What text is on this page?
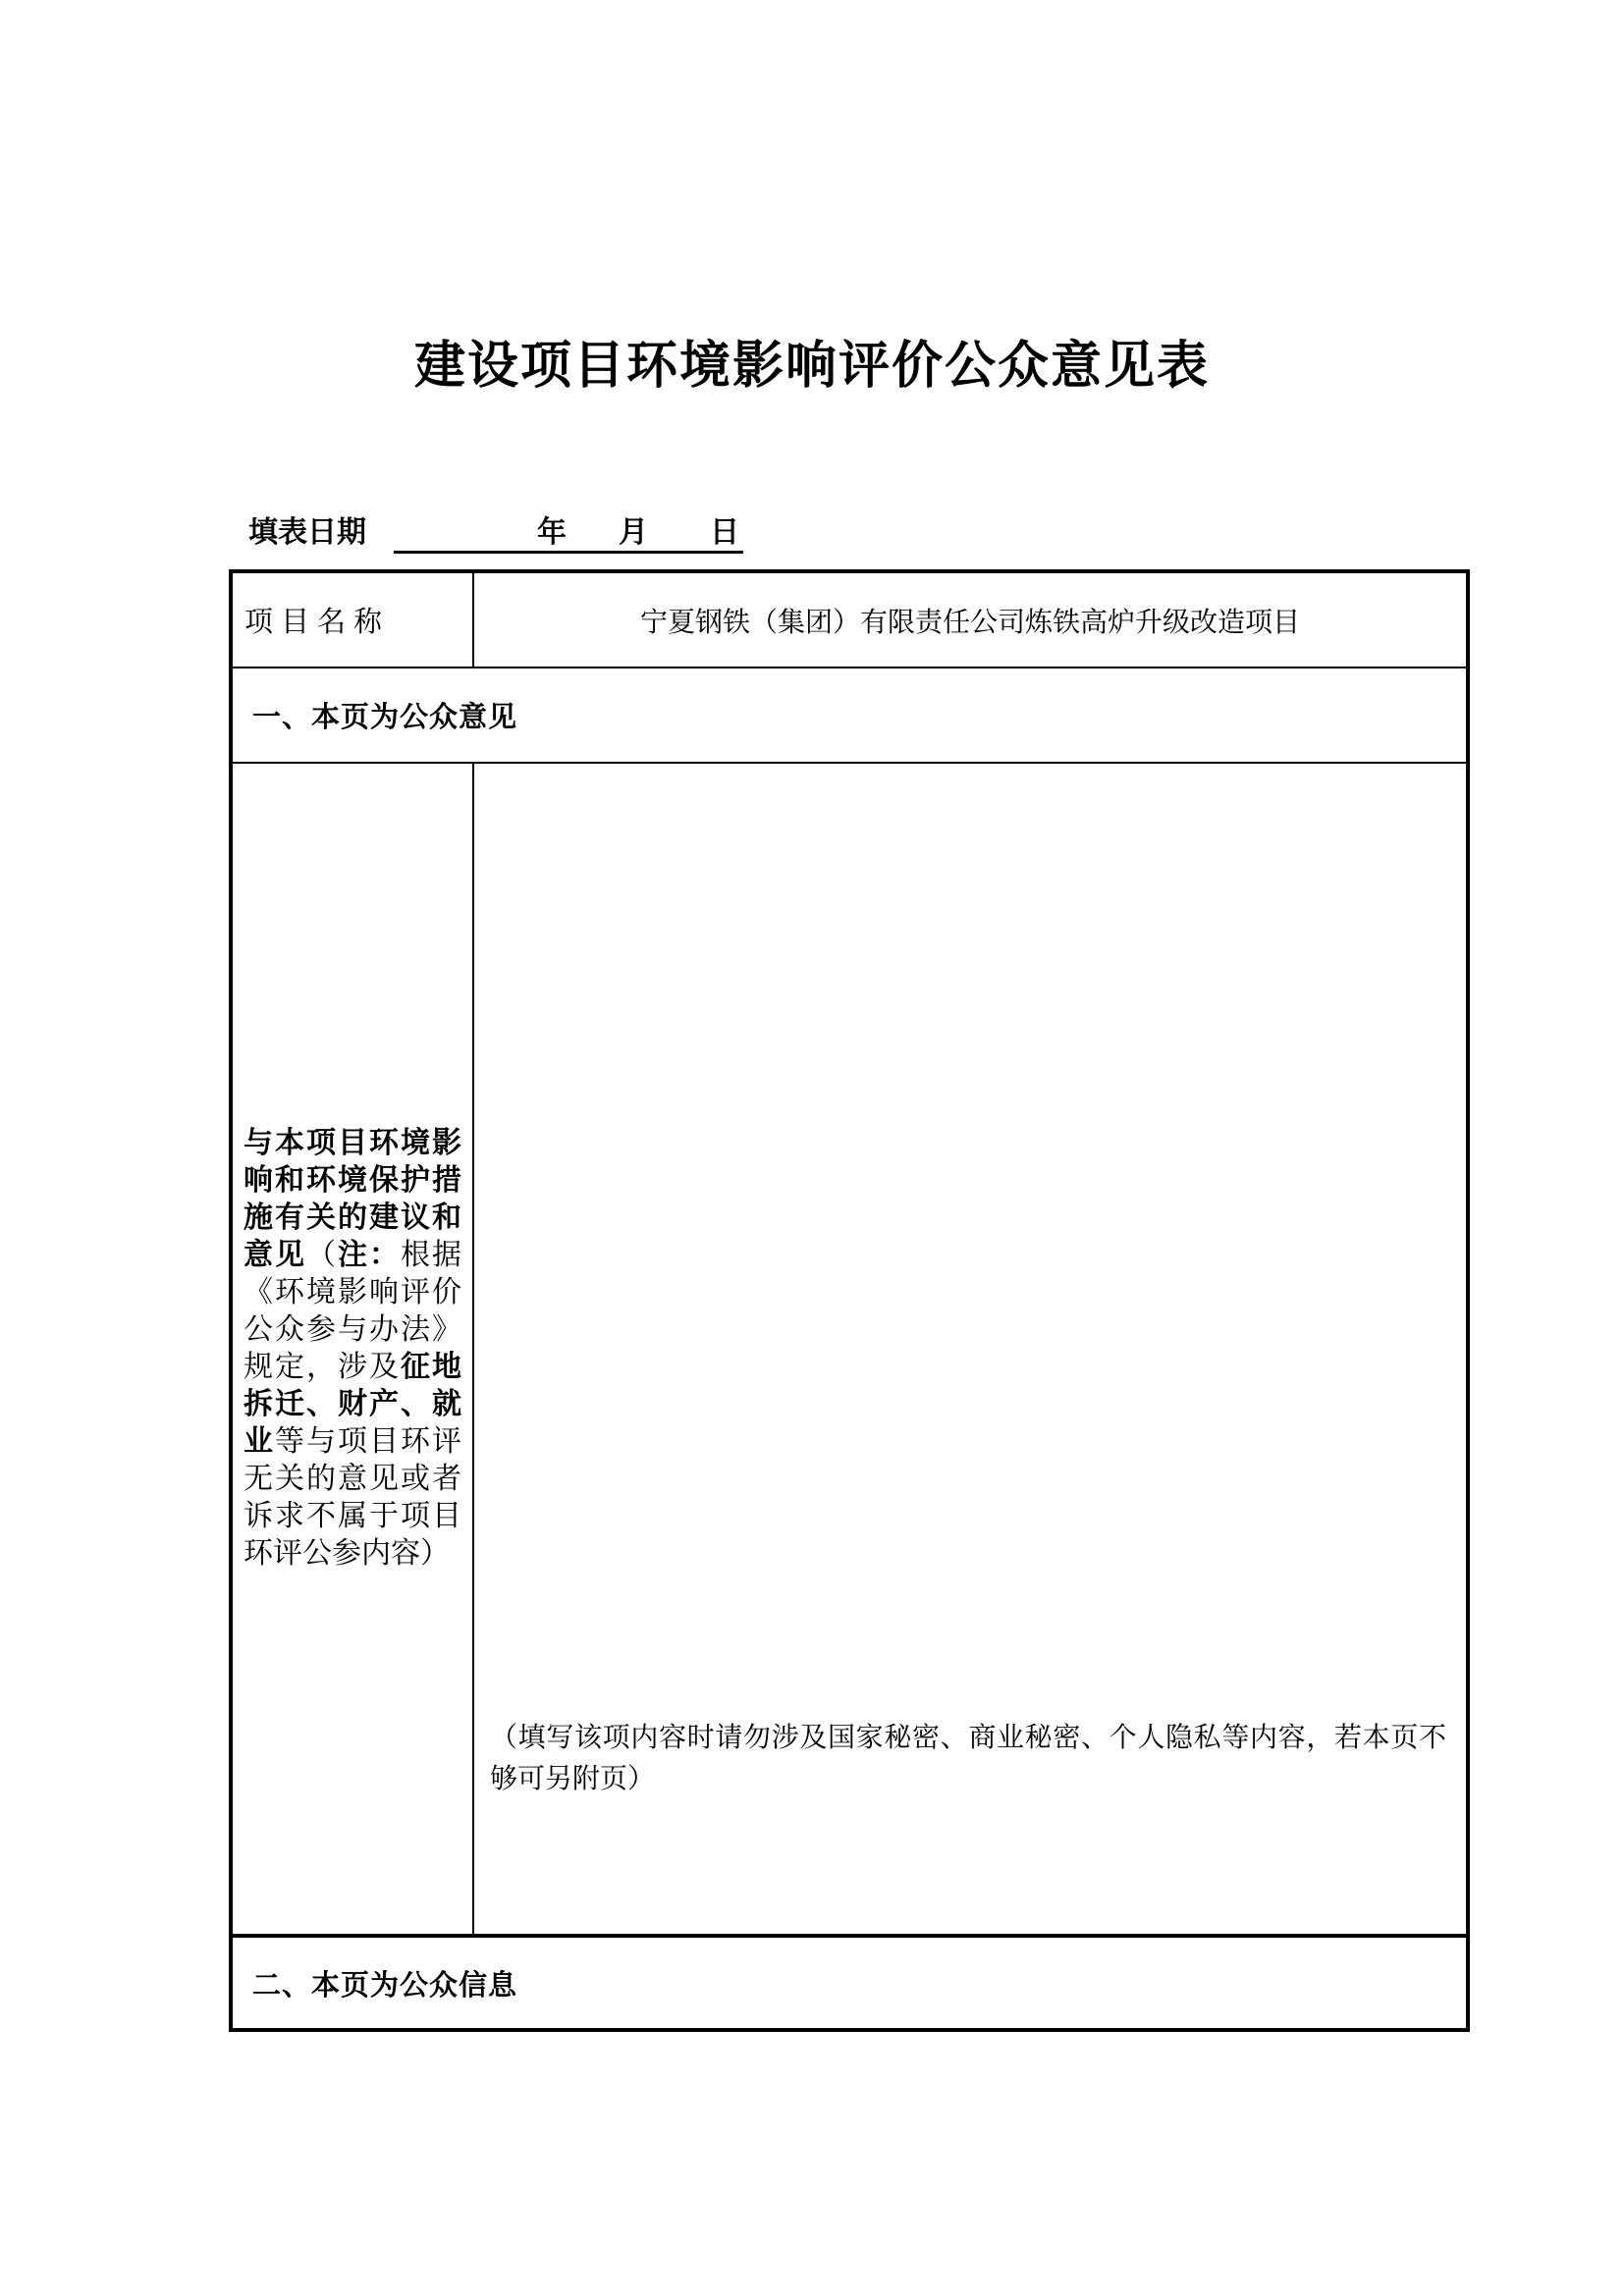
建设项目环境影响评价公众意见表
填表日期	年 月 日
项目名称	宁夏钢铁（集团）有限责任公司炼铁高炉升级改造项目
一、本页为公众意见
与本项目环境影响和环境保护措施有关的建议和意见（注：根据《环境影响评价公众参与办法》规定，涉及征地拆迁、财产、就业等与项目环评无关的意见或者诉求不属于项目环评公参内容）
（填写该项内容时请勿涉及国家秘密、商业秘密、个人隐私等内容，若本页不够可另附页）
二、本页为公众信息
